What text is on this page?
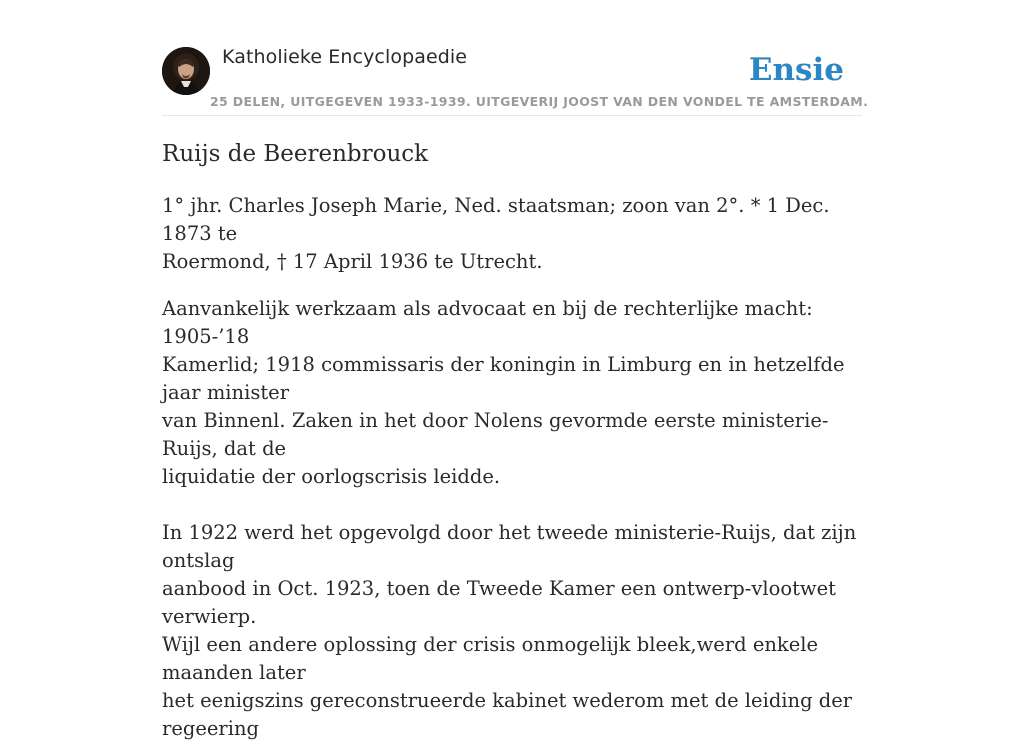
Katholieke Encyclopaedie
25 DELEN, UITGEGEVEN 1933-1939. UITGEVERIJ JOOST VAN DEN VONDEL TE AMSTERDAM.
Ensie
Ruijs de Beerenbrouck

1° jhr. Charles Joseph Marie, Ned. staatsman; zoon van 2°. * 1 Dec. 1873 te
Roermond, † 17 April 1936 te Utrecht.

Aanvankelijk werkzaam als advocaat en bij de rechterlijke macht: 1905-’18
Kamerlid; 1918 commissaris der koningin in Limburg en in hetzelfde jaar minister
van Binnenl. Zaken in het door Nolens gevormde eerste ministerie-Ruijs, dat de
liquidatie der oorlogscrisis leidde.

In 1922 werd het opgevolgd door het tweede ministerie-Ruijs, dat zijn ontslag
aanbood in Oct. 1923, toen de Tweede Kamer een ontwerp-vlootwet verwierp.
Wijl een andere oplossing der crisis onmogelijk bleek,werd enkele maanden later
het eenigszins gereconstrueerde kabinet wederom met de leiding der regeering
